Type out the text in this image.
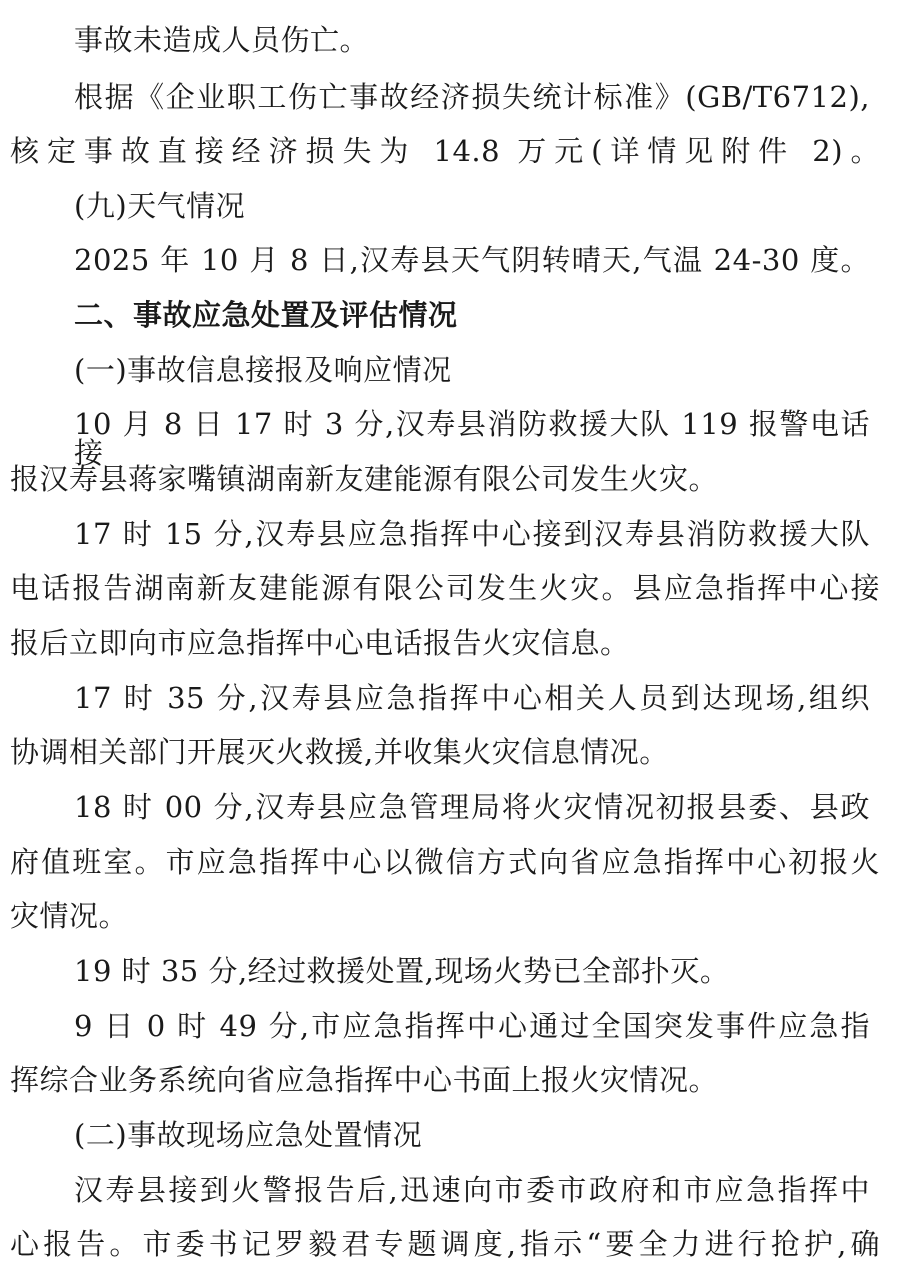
事故未造成人员伤亡。
根据《企业职工伤亡事故经济损失统计标准》(GB/T6712),
核定事故直接经济损失为 14.8 万元(详情见附件 2)。
(九)天气情况
2025 年 10 月 8 日,汉寿县天气阴转晴天,气温 24-30 度。
二、事故应急处置及评估情况
(一)事故信息接报及响应情况
10 月 8 日 17 时 3 分,汉寿县消防救援大队 119 报警电话接
报汉寿县蒋家嘴镇湖南新友建能源有限公司发生火灾。
17 时 15 分,汉寿县应急指挥中心接到汉寿县消防救援大队
电话报告湖南新友建能源有限公司发生火灾。县应急指挥中心接
报后立即向市应急指挥中心电话报告火灾信息。
17 时 35 分,汉寿县应急指挥中心相关人员到达现场,组织
协调相关部门开展灭火救援,并收集火灾信息情况。
18 时 00 分,汉寿县应急管理局将火灾情况初报县委、县政
府值班室。市应急指挥中心以微信方式向省应急指挥中心初报火
灾情况。
19 时 35 分,经过救援处置,现场火势已全部扑灭。
9 日 0 时 49 分,市应急指挥中心通过全国突发事件应急指
挥综合业务系统向省应急指挥中心书面上报火灾情况。
(二)事故现场应急处置情况
汉寿县接到火警报告后,迅速向市委市政府和市应急指挥中
心报告。市委书记罗毅君专题调度,指示“要全力进行抢护,确
